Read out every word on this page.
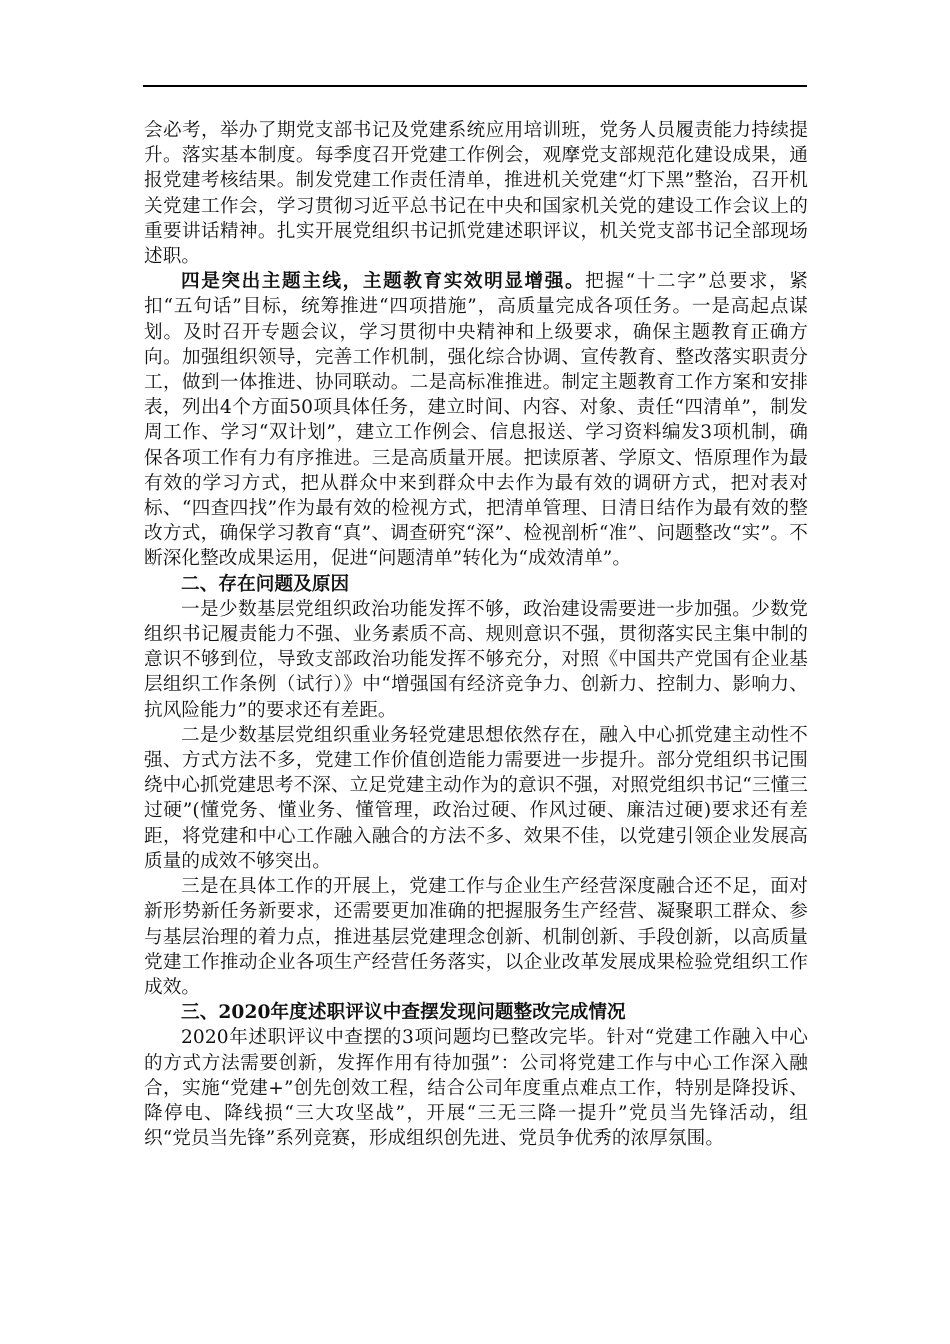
会必考，举办了期党支部书记及党建系统应用培训班，党务人员履责能力持续提升。落实基本制度。每季度召开党建工作例会，观摩党支部规范化建设成果，通报党建考核结果。制发党建工作责任清单，推进机关党建“灯下黑”整治，召开机关党建工作会，学习贯彻习近平总书记在中央和国家机关党的建设工作会议上的重要讲话精神。扎实开展党组织书记抓党建述职评议，机关党支部书记全部现场述职。

四是突出主题主线，主题教育实效明显增强。把握“十二字”总要求，紧扣“五句话”目标，统筹推进“四项措施”，高质量完成各项任务。一是高起点谋划。及时召开专题会议，学习贯彻中央精神和上级要求，确保主题教育正确方向。加强组织领导，完善工作机制，强化综合协调、宣传教育、整改落实职责分工，做到一体推进、协同联动。二是高标准推进。制定主题教育工作方案和安排表，列出4个方面50项具体任务，建立时间、内容、对象、责任“四清单”，制发周工作、学习“双计划”，建立工作例会、信息报送、学习资料编发3项机制，确保各项工作有力有序推进。三是高质量开展。把读原著、学原文、悟原理作为最有效的学习方式，把从群众中来到群众中去作为最有效的调研方式，把对表对标、“四查四找”作为最有效的检视方式，把清单管理、日清日结作为最有效的整改方式，确保学习教育“真”、调查研究“深”、检视剖析“准”、问题整改“实”。不断深化整改成果运用，促进“问题清单”转化为“成效清单”。

二、存在问题及原因

一是少数基层党组织政治功能发挥不够，政治建设需要进一步加强。少数党组织书记履责能力不强、业务素质不高、规则意识不强，贯彻落实民主集中制的意识不够到位，导致支部政治功能发挥不够充分，对照《中国共产党国有企业基层组织工作条例（试行）》中“增强国有经济竞争力、创新力、控制力、影响力、抗风险能力”的要求还有差距。

二是少数基层党组织重业务轻党建思想依然存在，融入中心抓党建主动性不强、方式方法不多，党建工作价值创造能力需要进一步提升。部分党组织书记围绕中心抓党建思考不深、立足党建主动作为的意识不强，对照党组织书记“三懂三过硬”(懂党务、懂业务、懂管理，政治过硬、作风过硬、廉洁过硬)要求还有差距，将党建和中心工作融入融合的方法不多、效果不佳，以党建引领企业发展高质量的成效不够突出。

三是在具体工作的开展上，党建工作与企业生产经营深度融合还不足，面对新形势新任务新要求，还需要更加准确的把握服务生产经营、凝聚职工群众、参与基层治理的着力点，推进基层党建理念创新、机制创新、手段创新，以高质量党建工作推动企业各项生产经营任务落实，以企业改革发展成果检验党组织工作成效。

三、2020年度述职评议中查摆发现问题整改完成情况

2020年述职评议中查摆的3项问题均已整改完毕。针对“党建工作融入中心的方式方法需要创新，发挥作用有待加强”：公司将党建工作与中心工作深入融合，实施“党建+”创先创效工程，结合公司年度重点难点工作，特别是降投诉、降停电、降线损“三大攻坚战”，开展“三无三降一提升”党员当先锋活动，组织“党员当先锋”系列竞赛，形成组织创先进、党员争优秀的浓厚氛围。
